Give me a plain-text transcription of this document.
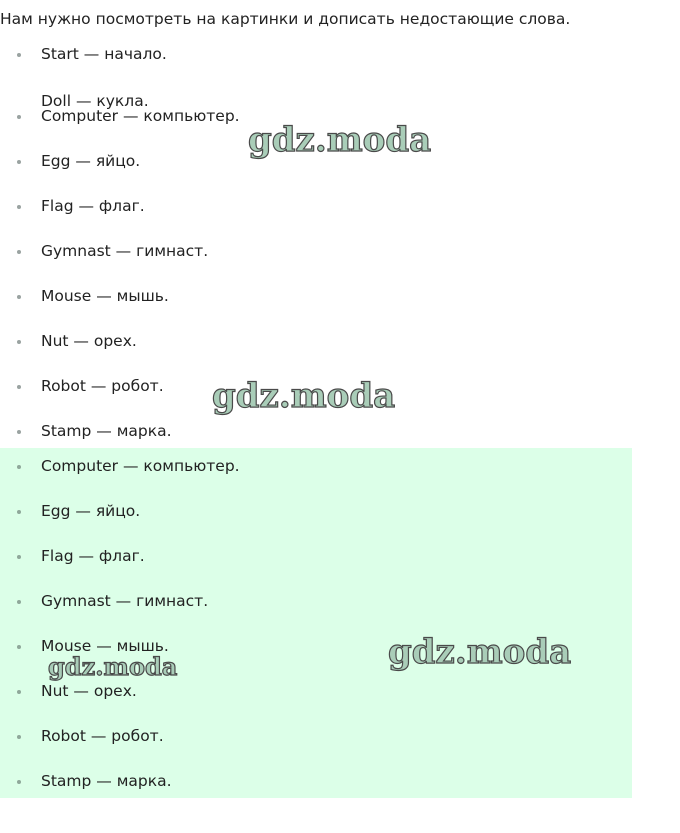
Нам нужно посмотреть на картинки и дописать недостающие слова.
Start — начало.
Computer — компьютер.
Egg — яйцо.
Flag — флаг.
Gymnast — гимнаст.
Mouse — мышь.
Nut — орех.
Robot — робот.
Stamp — марка.
Doll — кукла.
Computer — компьютер.
Egg — яйцо.
Flag — флаг.
Gymnast — гимнаст.
Mouse — мышь.
Nut — орех.
Robot — робот.
Stamp — марка.
gdz.moda
gdz.moda
gdz.moda
gdz.moda
